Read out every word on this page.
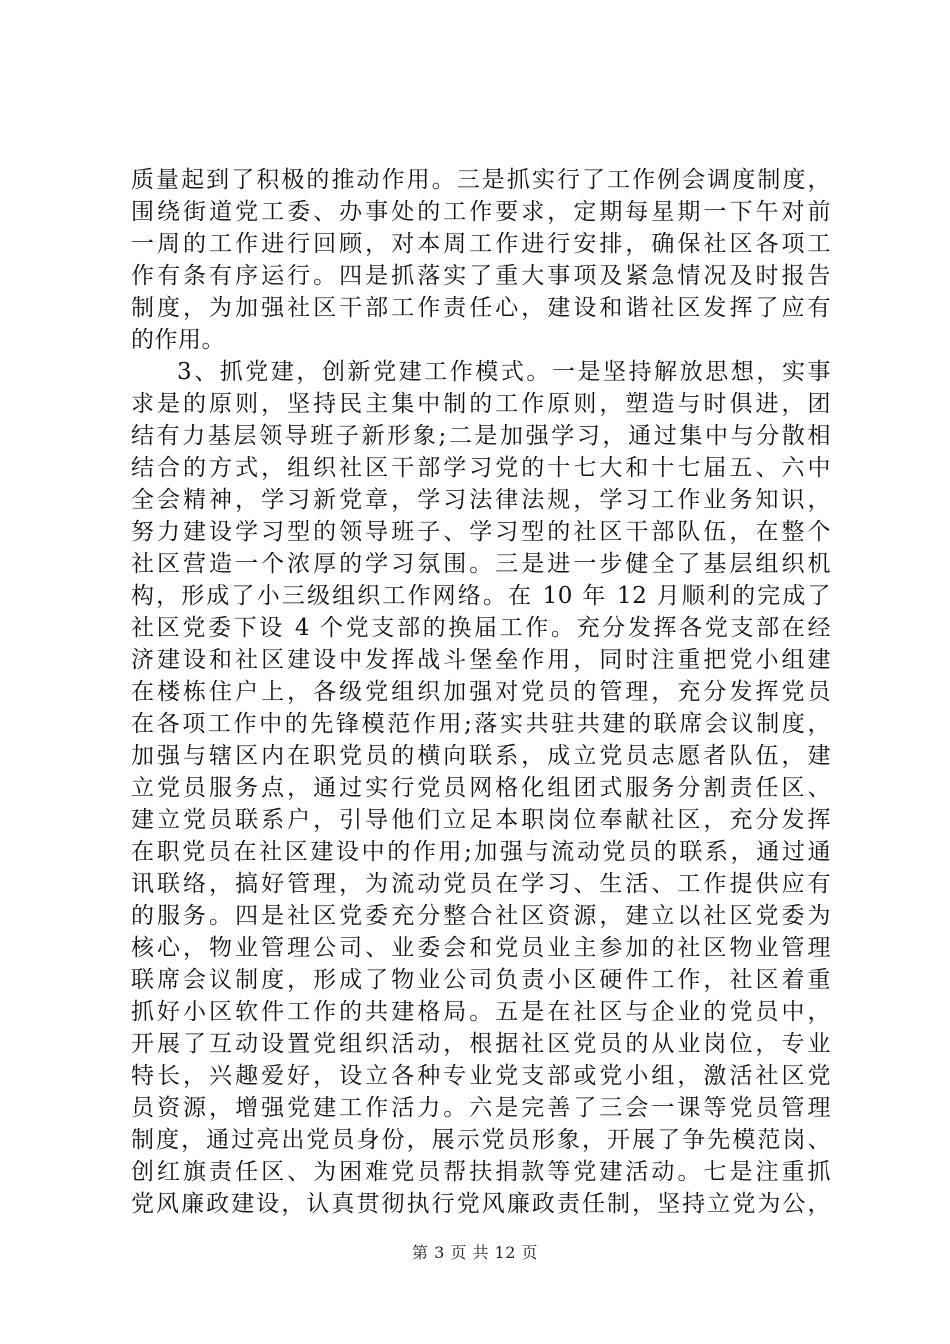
质量起到了积极的推动作用。三是抓实行了工作例会调度制度，
围绕街道党工委、办事处的工作要求，定期每星期一下午对前
一周的工作进行回顾，对本周工作进行安排，确保社区各项工
作有条有序运行。四是抓落实了重大事项及紧急情况及时报告
制度，为加强社区干部工作责任心，建设和谐社区发挥了应有
的作用。
3、抓党建，创新党建工作模式。一是坚持解放思想，实事
求是的原则，坚持民主集中制的工作原则，塑造与时俱进，团
结有力基层领导班子新形象;二是加强学习，通过集中与分散相
结合的方式，组织社区干部学习党的十七大和十七届五、六中
全会精神，学习新党章，学习法律法规，学习工作业务知识，
努力建设学习型的领导班子、学习型的社区干部队伍，在整个
社区营造一个浓厚的学习氛围。三是进一步健全了基层组织机
构，形成了小三级组织工作网络。在 10 年 12 月顺利的完成了
社区党委下设 4 个党支部的换届工作。充分发挥各党支部在经
济建设和社区建设中发挥战斗堡垒作用，同时注重把党小组建
在楼栋住户上，各级党组织加强对党员的管理，充分发挥党员
在各项工作中的先锋模范作用;落实共驻共建的联席会议制度，
加强与辖区内在职党员的横向联系，成立党员志愿者队伍，建
立党员服务点，通过实行党员网格化组团式服务分割责任区、
建立党员联系户，引导他们立足本职岗位奉献社区，充分发挥
在职党员在社区建设中的作用;加强与流动党员的联系，通过通
讯联络，搞好管理，为流动党员在学习、生活、工作提供应有
的服务。四是社区党委充分整合社区资源，建立以社区党委为
核心，物业管理公司、业委会和党员业主参加的社区物业管理
联席会议制度，形成了物业公司负责小区硬件工作，社区着重
抓好小区软件工作的共建格局。五是在社区与企业的党员中，
开展了互动设置党组织活动，根据社区党员的从业岗位，专业
特长，兴趣爱好，设立各种专业党支部或党小组，激活社区党
员资源，增强党建工作活力。六是完善了三会一课等党员管理
制度，通过亮出党员身份，展示党员形象，开展了争先模范岗、
创红旗责任区、为困难党员帮扶捐款等党建活动。七是注重抓
党风廉政建设，认真贯彻执行党风廉政责任制，坚持立党为公，
第 3 页 共 12 页
